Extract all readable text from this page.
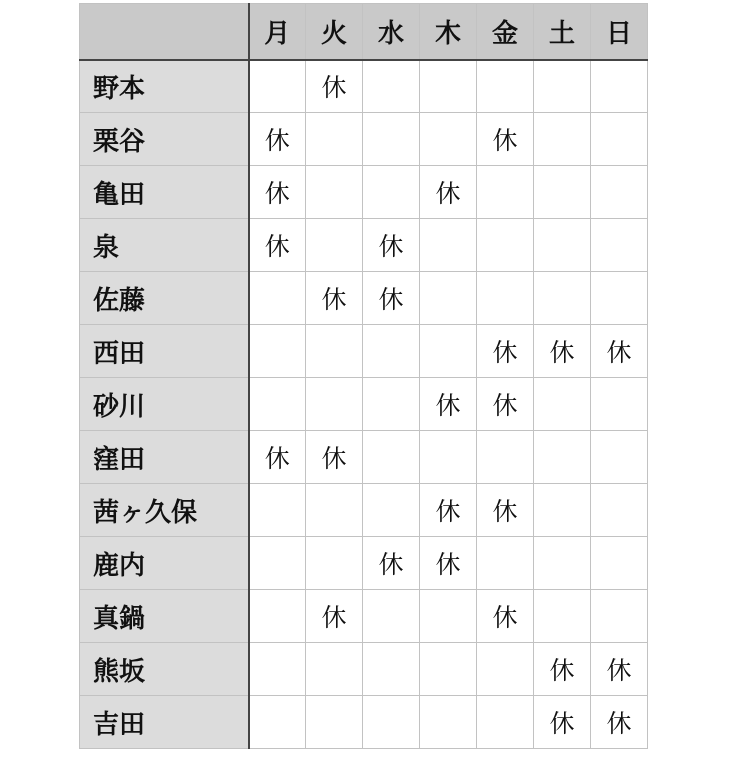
	月	火	水	木	金	土	日
野本		休					
栗谷	休				休		
亀田	休			休			
泉	休		休				
佐藤		休	休				
西田					休	休	休
砂川				休	休		
窪田	休	休					
茜ヶ久保				休	休		
鹿内			休	休			
真鍋		休			休		
熊坂						休	休
吉田						休	休
